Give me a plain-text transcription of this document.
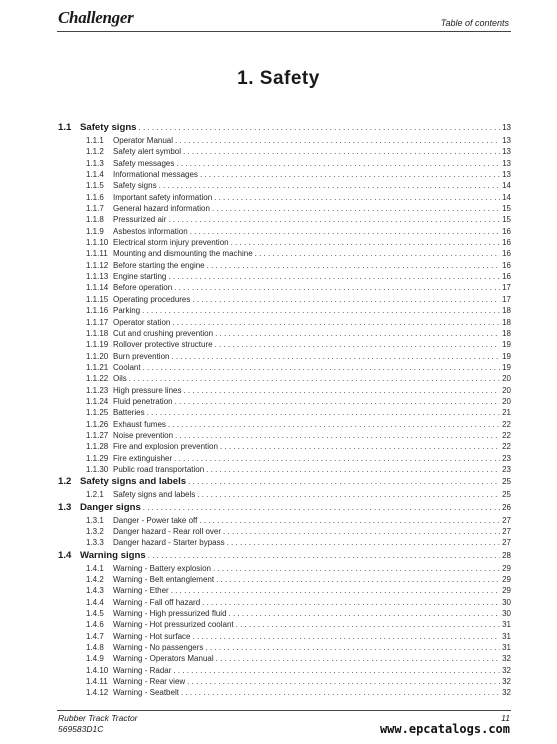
Challenger	Table of contents
1. Safety
1.1 Safety signs . . .	13
1.1.1 Operator Manual . . .	13
1.1.2 Safety alert symbol . . .	13
1.1.3 Safety messages . . .	13
1.1.4 Informational messages . . .	13
1.1.5 Safety signs . . .	14
1.1.6 Important safety information . . .	14
1.1.7 General hazard information . . .	15
1.1.8 Pressurized air . . .	15
1.1.9 Asbestos information . . .	16
1.1.10 Electrical storm injury prevention . . .	16
1.1.11 Mounting and dismounting the machine . . .	16
1.1.12 Before starting the engine . . .	16
1.1.13 Engine starting . . .	16
1.1.14 Before operation . . .	17
1.1.15 Operating procedures . . .	17
1.1.16 Parking . . .	18
1.1.17 Operator station . . .	18
1.1.18 Cut and crushing prevention . . .	18
1.1.19 Rollover protective structure . . .	19
1.1.20 Burn prevention . . .	19
1.1.21 Coolant . . .	19
1.1.22 Oils . . .	20
1.1.23 High pressure lines . . .	20
1.1.24 Fluid penetration . . .	20
1.1.25 Batteries . . .	21
1.1.26 Exhaust fumes . . .	22
1.1.27 Noise prevention . . .	22
1.1.28 Fire and explosion prevention . . .	22
1.1.29 Fire extinguisher . . .	23
1.1.30 Public road transportation . . .	23
1.2 Safety signs and labels . . .	25
1.2.1 Safety signs and labels . . .	25
1.3 Danger signs . . .	26
1.3.1 Danger - Power take off . . .	27
1.3.2 Danger hazard - Rear roll over . . .	27
1.3.3 Danger hazard - Starter bypass . . .	27
1.4 Warning signs . . .	28
1.4.1 Warning - Battery explosion . . .	29
1.4.2 Warning - Belt entanglement . . .	29
1.4.3 Warning - Ether . . .	29
1.4.4 Warning - Fall off hazard . . .	30
1.4.5 Warning - High pressurized fluid . . .	30
1.4.6 Warning - Hot pressurized coolant . . .	31
1.4.7 Warning - Hot surface . . .	31
1.4.8 Warning - No passengers . . .	31
1.4.9 Warning - Operators Manual . . .	32
1.4.10 Warning - Radar . . .	32
1.4.11 Warning - Rear view . . .	32
1.4.12 Warning - Seatbelt . . .	32
Rubber Track Tractor
569583D1C
11
www.epcatalogs.com
